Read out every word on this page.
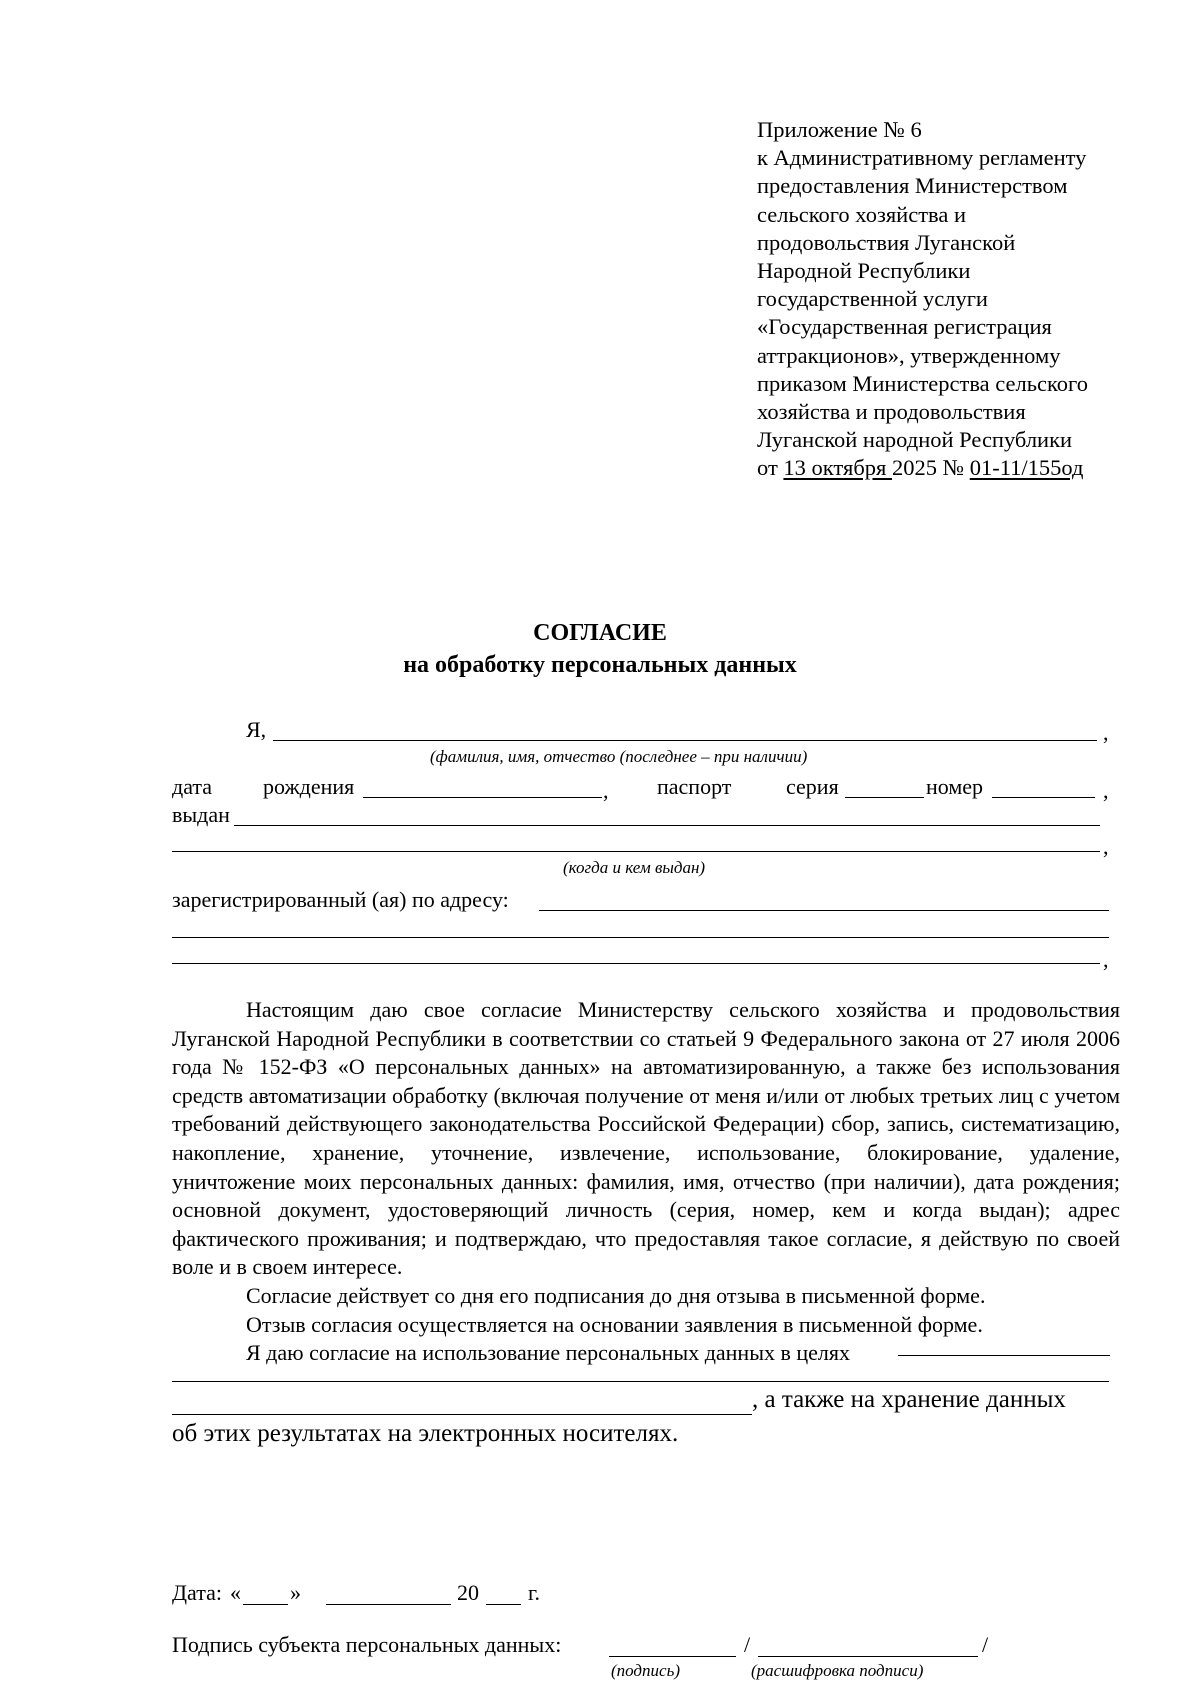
Приложение № 6
к Административному регламенту
предоставления Министерством
сельского хозяйства и
продовольствия Луганской
Народной Республики
государственной услуги
«Государственная регистрация
аттракционов», утвержденному
приказом Министерства сельского
хозяйства и продовольствия
Луганской народной Республики
от 13 октября 2025 № 01-11/155од
СОГЛАСИЕ
на обработку персональных данных
Я,	,
(фамилия, имя, отчество (последнее – при наличии)
дата рождения	, паспорт серия	номер	,
выдан
,
(когда и кем выдан)
зарегистрированный (ая) по адресу:
,
Настоящим даю свое согласие Министерству сельского хозяйства и продовольствия Луганской Народной Республики в соответствии со статьей 9 Федерального закона от 27 июля 2006 года № 152-ФЗ «О персональных данных» на автоматизированную, а также без использования средств автоматизации обработку (включая получение от меня и/или от любых третьих лиц с учетом требований действующего законодательства Российской Федерации) сбор, запись, систематизацию, накопление, хранение, уточнение, извлечение, использование, блокирование, удаление, уничтожение моих персональных данных: фамилия, имя, отчество (при наличии), дата рождения; основной документ, удостоверяющий личность (серия, номер, кем и когда выдан); адрес фактического проживания; и подтверждаю, что предоставляя такое согласие, я действую по своей воле и в своем интересе.
Согласие действует со дня его подписания до дня отзыва в письменной форме.
Отзыв согласия осуществляется на основании заявления в письменной форме.
Я даю согласие на использование персональных данных в целях
, а также на хранение данных
об этих результатах на электронных носителях.
Дата: « »	20 г.
Подпись субъекта персональных данных:	/	/
(подпись)	(расшифровка подписи)
